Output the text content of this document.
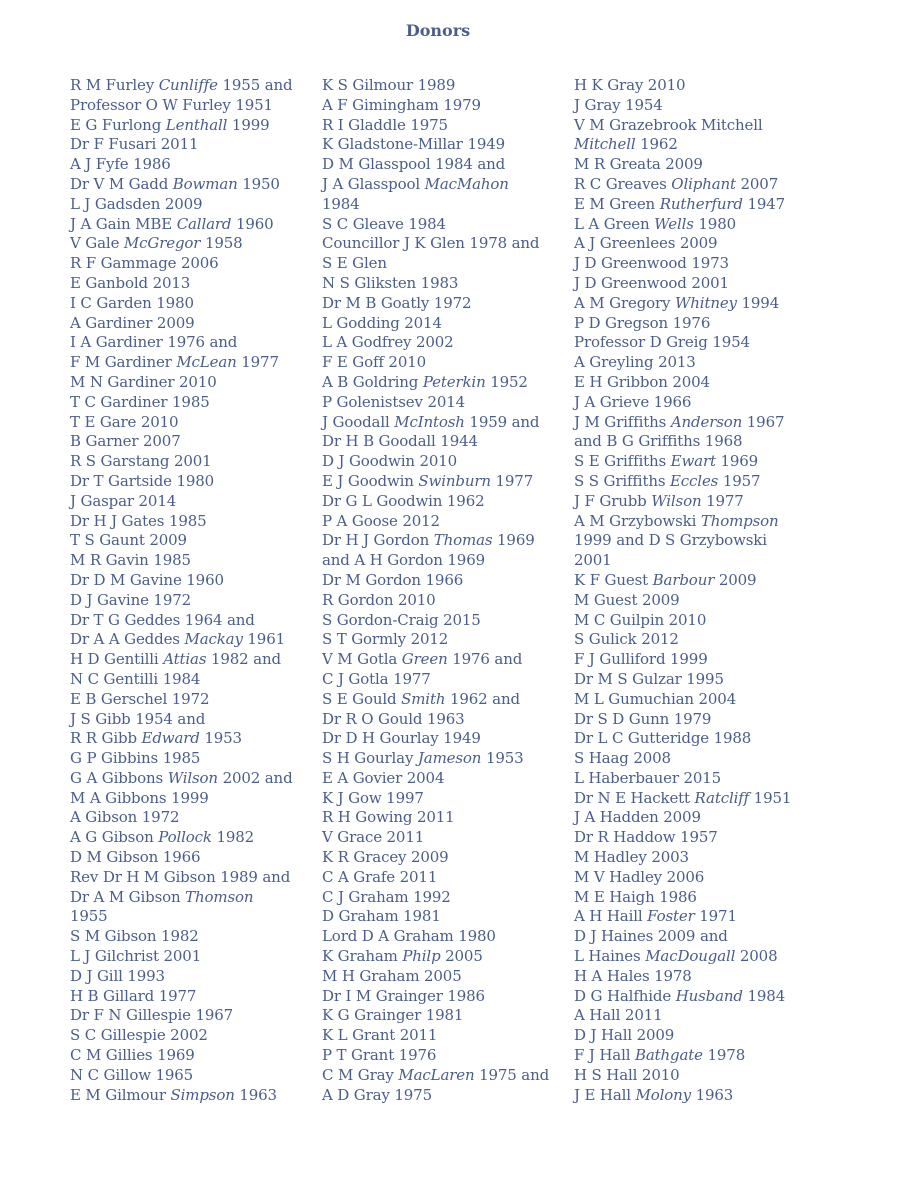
Donors
R M Furley Cunliffe 1955 and
Professor O W Furley 1951
E G Furlong Lenthall 1999
Dr F Fusari 2011
A J Fyfe 1986
Dr V M Gadd Bowman 1950
L J Gadsden 2009
J A Gain MBE Callard 1960
V Gale McGregor 1958
R F Gammage 2006
E Ganbold 2013
I C Garden 1980
A Gardiner 2009
I A Gardiner 1976 and
F M Gardiner McLean 1977
M N Gardiner 2010
T C Gardiner 1985
T E Gare 2010
B Garner 2007
R S Garstang 2001
Dr T Gartside 1980
J Gaspar 2014
Dr H J Gates 1985
T S Gaunt 2009
M R Gavin 1985
Dr D M Gavine 1960
D J Gavine 1972
Dr T G Geddes 1964 and
Dr A A Geddes Mackay 1961
H D Gentilli Attias 1982 and
N C Gentilli 1984
E B Gerschel 1972
J S Gibb 1954 and
R R Gibb Edward 1953
G P Gibbins 1985
G A Gibbons Wilson 2002 and
M A Gibbons 1999
A Gibson 1972
A G Gibson Pollock 1982
D M Gibson 1966
Rev Dr H M Gibson 1989 and
Dr A M Gibson Thomson
1955
S M Gibson 1982
L J Gilchrist 2001
D J Gill 1993
H B Gillard 1977
Dr F N Gillespie 1967
S C Gillespie 2002
C M Gillies 1969
N C Gillow 1965
E M Gilmour Simpson 1963
K S Gilmour 1989
A F Gimingham 1979
R I Gladdle 1975
K Gladstone-Millar 1949
D M Glasspool 1984 and
J A Glasspool MacMahon
1984
S C Gleave 1984
Councillor J K Glen 1978 and
S E Glen
N S Gliksten 1983
Dr M B Goatly 1972
L Godding 2014
L A Godfrey 2002
F E Goff 2010
A B Goldring Peterkin 1952
P Golenistsev 2014
J Goodall McIntosh 1959 and
Dr H B Goodall 1944
D J Goodwin 2010
E J Goodwin Swinburn 1977
Dr G L Goodwin 1962
P A Goose 2012
Dr H J Gordon Thomas 1969
and A H Gordon 1969
Dr M Gordon 1966
R Gordon 2010
S Gordon-Craig 2015
S T Gormly 2012
V M Gotla Green 1976 and
C J Gotla 1977
S E Gould Smith 1962 and
Dr R O Gould 1963
Dr D H Gourlay 1949
S H Gourlay Jameson 1953
E A Govier 2004
K J Gow 1997
R H Gowing 2011
V Grace 2011
K R Gracey 2009
C A Grafe 2011
C J Graham 1992
D Graham 1981
Lord D A Graham 1980
K Graham Philp 2005
M H Graham 2005
Dr I M Grainger 1986
K G Grainger 1981
K L Grant 2011
P T Grant 1976
C M Gray MacLaren 1975 and
A D Gray 1975
H K Gray 2010
J Gray 1954
V M Grazebrook Mitchell
Mitchell 1962
M R Greata 2009
R C Greaves Oliphant 2007
E M Green Rutherfurd 1947
L A Green Wells 1980
A J Greenlees 2009
J D Greenwood 1973
J D Greenwood 2001
A M Gregory Whitney 1994
P D Gregson 1976
Professor D Greig 1954
A Greyling 2013
E H Gribbon 2004
J A Grieve 1966
J M Griffiths Anderson 1967
and B G Griffiths 1968
S E Griffiths Ewart 1969
S S Griffiths Eccles 1957
J F Grubb Wilson 1977
A M Grzybowski Thompson
1999 and D S Grzybowski
2001
K F Guest Barbour 2009
M Guest 2009
M C Guilpin 2010
S Gulick 2012
F J Gulliford 1999
Dr M S Gulzar 1995
M L Gumuchian 2004
Dr S D Gunn 1979
Dr L C Gutteridge 1988
S Haag 2008
L Haberbauer 2015
Dr N E Hackett Ratcliff 1951
J A Hadden 2009
Dr R Haddow 1957
M Hadley 2003
M V Hadley 2006
M E Haigh 1986
A H Haill Foster 1971
D J Haines 2009 and
L Haines MacDougall 2008
H A Hales 1978
D G Halfhide Husband 1984
A Hall 2011
D J Hall 2009
F J Hall Bathgate 1978
H S Hall 2010
J E Hall Molony 1963
